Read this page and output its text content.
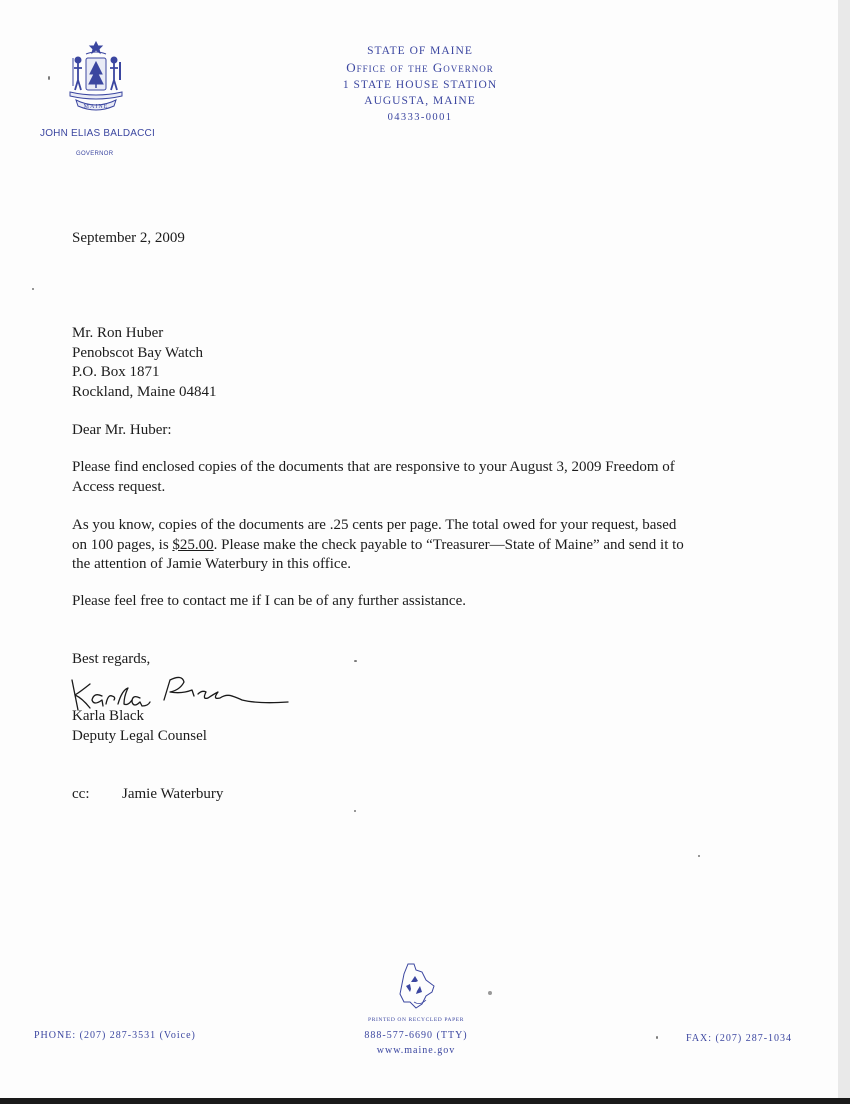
MAINE
JOHN ELIAS BALDACCI
GOVERNOR
STATE OF MAINE
Office of the Governor
1 STATE HOUSE STATION
AUGUSTA, MAINE
04333-0001
September 2, 2009
Mr. Ron Huber
Penobscot Bay Watch
P.O. Box 1871
Rockland, Maine 04841
Dear Mr. Huber:
Please find enclosed copies of the documents that are responsive to your August 3, 2009 Freedom of
Access request.
As you know, copies of the documents are .25 cents per page. The total owed for your request, based
on 100 pages, is $25.00. Please make the check payable to “Treasurer—State of Maine” and send it to
the attention of Jamie Waterbury in this office.
Please feel free to contact me if I can be of any further assistance.
Best regards,
Karla Black
Deputy Legal Counsel
cc: Jamie Waterbury
PRINTED ON RECYCLED PAPER
PHONE: (207) 287-3531 (Voice)	888-577-6690 (TTY)
www.maine.gov
FAX: (207) 287-1034
